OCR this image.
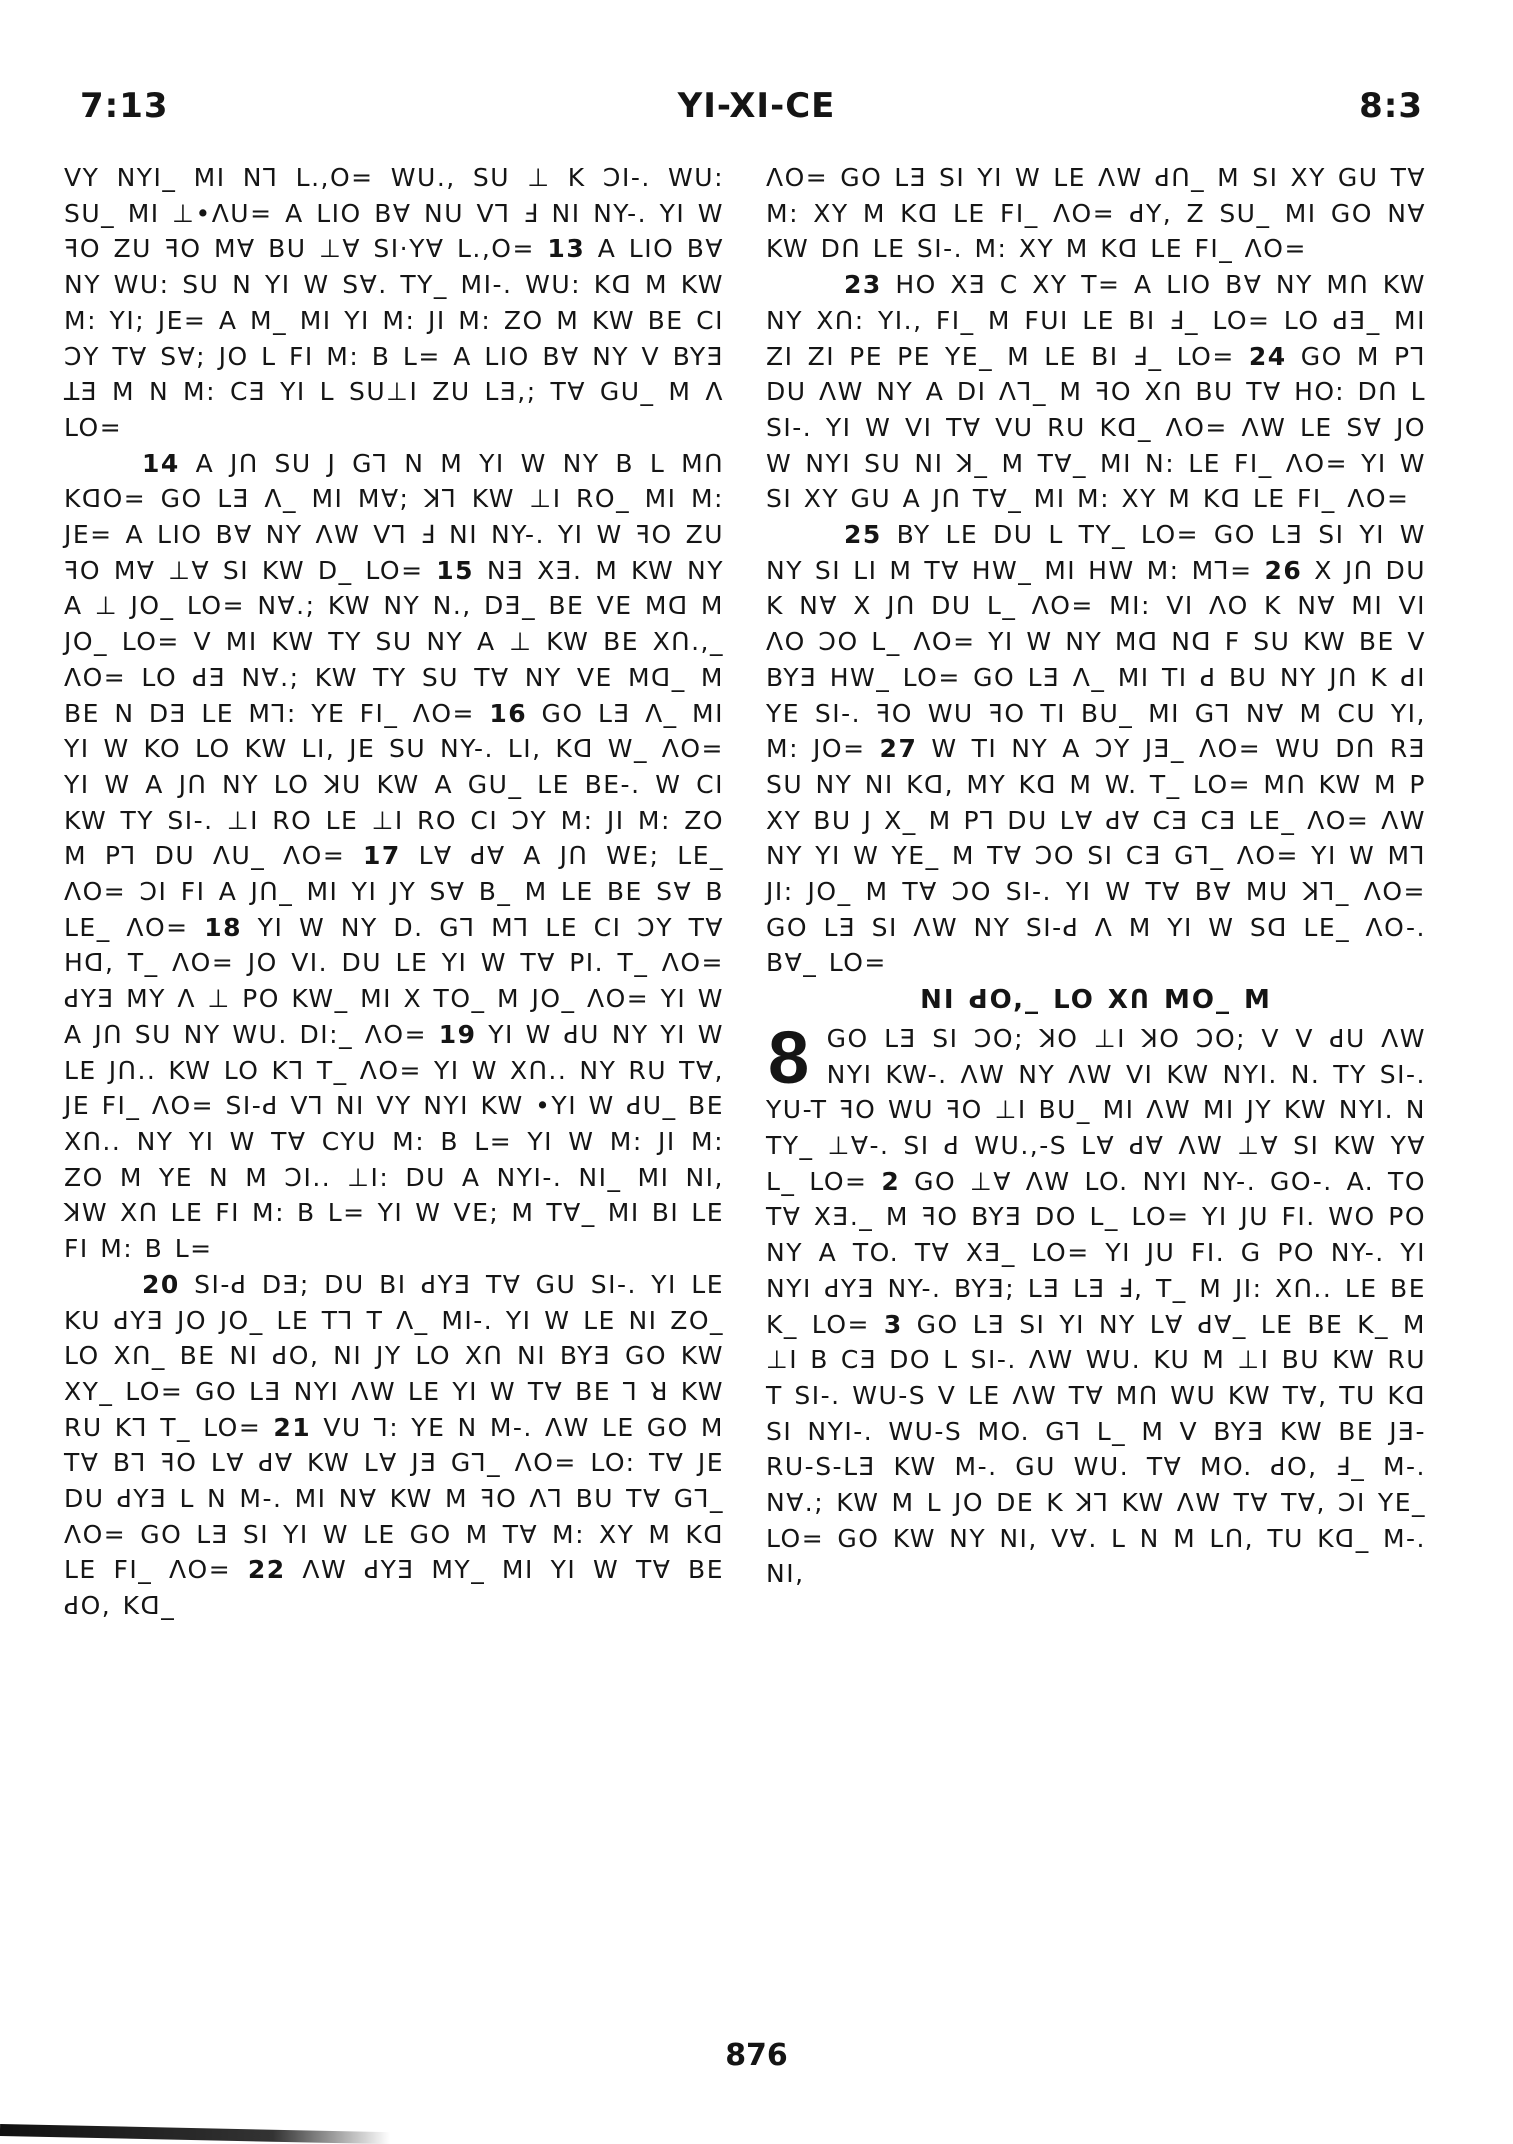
7:13	YI-XI-CE	8:3

VY NYI_ MI Nꓶ L.,O= WU., SU ⊥ K ƆI-. WU: SU_ MI ⊥•ɅU= A LIO BⱯ NU Vꓶ Ⅎ NI NY-. YI W ꟻO ZU ꟻO MⱯ BU ⊥Ɐ SI·YⱯ L.,O= 13 A LIO BⱯ NY WU: SU N YI W SⱯ. TY_ MI-. WU: Kꓷ M KW M: YI; JE= A M_ MI YI M: JI M: ZO M KW BE CI ƆY TⱯ SⱯ; JO L FI M: B L= A LIO BⱯ NY V BYƎ ꓕƎ M N M: CƎ YI L SU⊥I ZU LƎ,; TⱯ GU_ M Ʌ LO=

14 A JՈ SU J Gꓶ N M YI W NY B L MՈ KꓷO= GO LƎ Ʌ_ MI MⱯ; ꓘꓶ KW ⊥I RO_ MI M: JE= A LIO BⱯ NY ɅW Vꓶ Ⅎ NI NY-. YI W ꟻO ZU ꟻO MⱯ ⊥Ɐ SI KW D_ LO= 15 NƎ XƎ. M KW NY A ⊥ JO_ LO= NⱯ.; KW NY N., DƎ_ BE VE Mꓷ M JO_ LO= V MI KW TY SU NY A ⊥ KW BE XՈ.,_ ɅO= LO ꓒƎ NⱯ.; KW TY SU TⱯ NY VE Mꓷ_ M BE N DƎ LE Mꓶ: YE FI_ ɅO= 16 GO LƎ Ʌ_ MI YI W KO LO KW LI, JE SU NY-. LI, Kꓷ W_ ɅO= YI W A JՈ NY LO ꓘU KW A GU_ LE BE-. W CI KW TY SI-. ⊥I RO LE ⊥I RO CI ƆY M: JI M: ZO M Pꓶ DU ɅU_ ɅO= 17 LⱯ ꓒⱯ A JՈ WE; LE_ ɅO= ƆI FI A JՈ_ MI YI JY SⱯ B_ M LE BE SⱯ B LE_ ɅO= 18 YI W NY D. Gꓶ Mꓶ LE CI ƆY TⱯ Hꓷ, T_ ɅO= JO VI. DU LE YI W TⱯ PI. T_ ɅO= ꓒYƎ MY Ʌ ⊥ PO KW_ MI X TO_ M JO_ ɅO= YI W A JՈ SU NY WU. DI:_ ɅO= 19 YI W ꓒU NY YI W LE JՈ.. KW LO Kꓶ T_ ɅO= YI W XՈ.. NY RU TⱯ, JE FI_ ɅO= SI-ꓒ Vꓶ NI VY NYI KW •YI W ꓒU_ BE XՈ.. NY YI W TⱯ CYU M: B L= YI W M: JI M: ZO M YE N M ƆI.. ⊥I: DU A NYI-. NI_ MI NI, ꓘW XՈ LE FI M: B L= YI W VE; M TⱯ_ MI BI LE FI M: B L=

20 SI-ꓒ DƎ; DU BI ꓒYƎ TⱯ GU SI-. YI LE KU ꓒYƎ JO JO_ LE Tꓶ T Ʌ_ MI-. YI W LE NI ZO_ LO XՈ_ BE NI ꓒO, NI JY LO XՈ NI BYƎ GO KW XY_ LO= GO LƎ NYI ɅW LE YI W TⱯ BE ꓶ ꓤ KW RU Kꓶ T_ LO= 21 VU ꓶ: YE N M-. ɅW LE GO M TⱯ Bꓶ ꟻO LⱯ ꓒⱯ KW LⱯ JƎ Gꓶ_ ɅO= LO: TⱯ JE DU ꓒYƎ L N M-. MI NⱯ KW M ꟻO Ʌꓶ BU TⱯ Gꓶ_ ɅO= GO LƎ SI YI W LE GO M TⱯ M: XY M Kꓷ LE FI_ ɅO= 22 ɅW ꓒYƎ MY_ MI YI W TⱯ BE ꓒO, Kꓷ_

ɅO= GO LƎ SI YI W LE ɅW ꓒՈ_ M SI XY GU TⱯ M: XY M Kꓷ LE FI_ ɅO= ꓒY, Z SU_ MI GO NⱯ KW DՈ LE SI-. M: XY M Kꓷ LE FI_ ɅO=

23 HO XƎ C XY T= A LIO BⱯ NY MՈ KW NY XՈ: YI., FI_ M FUI LE BI Ⅎ_ LO= LO ꓒƎ_ MI ZI ZI PE PE YE_ M LE BI Ⅎ_ LO= 24 GO M Pꓶ DU ɅW NY A DI Ʌꓶ_ M ꟻO XՈ BU TⱯ HO: DՈ L SI-. YI W VI TⱯ VU RU Kꓷ_ ɅO= ɅW LE SⱯ JO W NYI SU NI ꓘ_ M TⱯ_ MI N: LE FI_ ɅO= YI W SI XY GU A JՈ TⱯ_ MI M: XY M Kꓷ LE FI_ ɅO=

25 BY LE DU L TY_ LO= GO LƎ SI YI W NY SI LI M TⱯ HW_ MI HW M: Mꓶ= 26 X JՈ DU K NⱯ X JՈ DU L_ ɅO= MI: VI ɅO K NⱯ MI VI ɅO ƆO L_ ɅO= YI W NY Mꓷ Nꓷ F SU KW BE V BYƎ HW_ LO= GO LƎ Ʌ_ MI TI ꓒ BU NY JՈ K ꓒI YE SI-. ꟻO WU ꟻO TI BU_ MI Gꓶ NⱯ M CU YI, M: JO= 27 W TI NY A ƆY JƎ_ ɅO= WU DՈ RƎ SU NY NI Kꓷ, MY Kꓷ M W. T_ LO= MՈ KW M P XY BU J X_ M Pꓶ DU LⱯ ꓒⱯ CƎ CƎ LE_ ɅO= ɅW NY YI W YE_ M TⱯ ƆO SI CƎ Gꓶ_ ɅO= YI W Mꓶ JI: JO_ M TⱯ ƆO SI-. YI W TⱯ BⱯ MU ꓘꓶ_ ɅO= GO LƎ SI ɅW NY SI-ꓒ Ʌ M YI W Sꓷ LE_ ɅO-. BⱯ_ LO=

NI ꓒO,_ LO XՈ MO_ M
8 GO LƎ SI ƆO; ꓘO ⊥I ꓘO ƆO; V V ꓒU ɅW NYI KW-. ɅW NY ɅW VI KW NYI. N. TY SI-. YU-T ꟻO WU ꟻO ⊥I BU_ MI ɅW MI JY KW NYI. N TY_ ⊥Ɐ-. SI ꓒ WU.,-S LⱯ ꓒⱯ ɅW ⊥Ɐ SI KW YⱯ L_ LO= 2 GO ⊥Ɐ ɅW LO. NYI NY-. GO-. A. TO TⱯ XƎ._ M ꟻO BYƎ DO L_ LO= YI JU FI. WO PO NY A TO. TⱯ XƎ_ LO= YI JU FI. G PO NY-. YI NYI ꓒYƎ NY-. BYƎ; LƎ LƎ Ⅎ, T_ M JI: XՈ.. LE BE K_ LO= 3 GO LƎ SI YI NY LⱯ ꓒⱯ_ LE BE K_ M ⊥I B CƎ DO L SI-. ɅW WU. KU M ⊥I BU KW RU T SI-. WU-S V LE ɅW TⱯ MՈ WU KW TⱯ, TU Kꓷ SI NYI-. WU-S MO. Gꓶ L_ M V BYƎ KW BE JƎ-RU-S-LƎ KW M-. GU WU. TⱯ MO. ꓒO, Ⅎ_ M-. NⱯ.; KW M L JO DE K ꓘꓶ KW ɅW TⱯ TⱯ, ƆI YE_ LO= GO KW NY NI, VⱯ. L N M LՈ, TU Kꓷ_ M-. NI,

876
